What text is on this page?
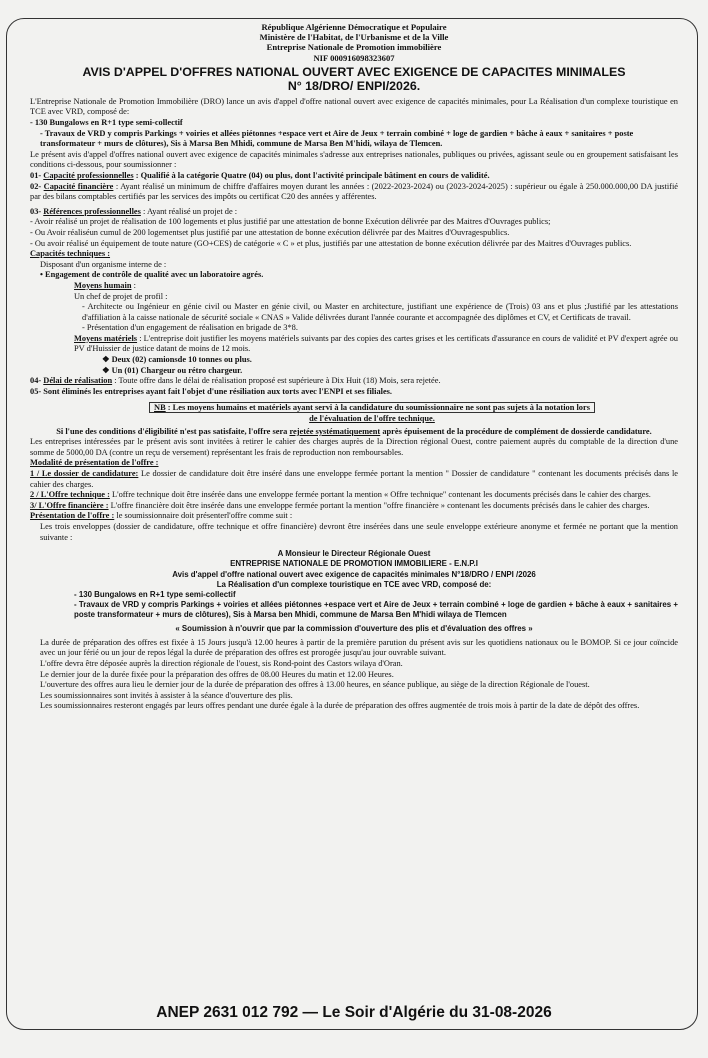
République Algérienne Démocratique et Populaire

Ministère de l'Habitat, de l'Urbanisme et de la Ville

Entreprise Nationale de Promotion immobilière

NIF 000916098323607

AVIS D'APPEL D'OFFRES NATIONAL OUVERT AVEC EXIGENCE DE CAPACITES MINIMALES

N° 18/DRO/ ENPI/2026.

L'Entreprise Nationale de Promotion Immobilière (DRO) lance un avis d'appel d'offre national ouvert avec exigence de capacités minimales, pour La Réalisation d'un complexe touristique en TCE avec VRD, composé de:

- 130 Bungalows en R+1 type semi-collectif

- Travaux de VRD y compris Parkings + voiries et allées piétonnes +espace vert et Aire de Jeux + terrain combiné + loge de gardien + bâche à eaux + sanitaires + poste transformateur + murs de clôtures), Sis à Marsa Ben Mhidi, commune de Marsa Ben M'hidi, wilaya de Tlemcen.

Le présent avis d'appel d'offres national ouvert avec exigence de capacités minimales s'adresse aux entreprises nationales, publiques ou privées, agissant seule ou en groupement satisfaisant les conditions ci-dessous, pour soumissionner :

01- Capacité professionnelles : Qualifié à la catégorie Quatre (04) ou plus, dont l'activité principale bâtiment en cours de validité.

02- Capacité financière : Ayant réalisé un minimum de chiffre d'affaires moyen durant les années : (2022-2023-2024) ou (2023-2024-2025) : supérieur ou égale à 250.000.000,00 DA justifié par des bilans comptables certifiés par les services des impôts ou certificat C20 des années y afférentes.

03- Références professionnelles : Ayant réalisé un projet de :

- Avoir réalisé un projet de réalisation de 100 logements et plus justifié par une attestation de bonne Exécution délivrée par des Maitres d'Ouvrages publics;

- Ou Avoir réaliséun cumul de 200 logementset plus justifié par une attestation de bonne exécution délivrée par des Maitres d'Ouvragespublics.

- Ou avoir réalisé un équipement de toute nature (GO+CES) de catégorie « C » et plus, justifiés par une attestation de bonne exécution délivrée par des Maitres d'Ouvrages publics.

Capacités techniques :

Disposant d'un organisme interne de :

• Engagement de contrôle de qualité avec un laboratoire agrés.

Moyens humain :

Un chef de projet de profil :

- Architecte ou Ingénieur en génie civil ou Master en génie civil, ou Master en architecture, justifiant une expérience de (Trois) 03 ans et plus ;Justifié par les attestations d'affiliation à la caisse nationale de sécurité sociale « CNAS » Valide délivrées durant l'année courante et accompagnée des diplômes et CV, et Certificats de travail.

- Présentation d'un engagement de réalisation en brigade de 3*8.

Moyens matériels : L'entreprise doit justifier les moyens matériels suivants par des copies des cartes grises et les certificats d'assurance en cours de validité et PV d'expert agrée ou PV d'Huissier de justice datant de moins de 12 mois.

❖ Deux (02) camionsde 10 tonnes ou plus.

❖ Un (01) Chargeur ou rétro chargeur.

04- Délai de réalisation : Toute offre dans le délai de réalisation proposé est supérieure à Dix Huit (18) Mois, sera rejetée.

05- Sont éliminés les entreprises ayant fait l'objet d'une résiliation aux torts avec l'ENPI et ses filiales.

NB : Les moyens humains et matériels ayant servi à la candidature du soumissionnaire ne sont pas sujets à la notation lors

de l'évaluation de l'offre technique.

Si l'une des conditions d'éligibilité n'est pas satisfaite, l'offre sera rejetée systématiquement après épuisement de la procédure de complément de dossierde candidature.

Les entreprises intéressées par le présent avis sont invitées à retirer le cahier des charges auprès de la Direction régional Ouest, contre paiement auprès du comptable de la direction d'une somme de 5000,00 DA (contre un reçu de versement) représentant les frais de reproduction non remboursables.

Modalité de présentation de l'offre :

1 / Le dossier de candidature: Le dossier de candidature doit être inséré dans une enveloppe fermée portant la mention " Dossier de candidature " contenant les documents précisés dans le cahier des charges.

2 / L'Offre technique : L'offre technique doit être insérée dans une enveloppe fermée portant la mention « Offre technique" contenant les documents précisés dans le cahier des charges.

3/ L'Offre financière : L'offre financière doit être insérée dans une enveloppe fermée portant la mention "offre financière » contenant les documents précisés dans le cahier des charges.

Présentation de l'offre : le soumissionnaire doit présenterl'offre comme suit :

Les trois enveloppes (dossier de candidature, offre technique et offre financière) devront être insérées dans une seule enveloppe extérieure anonyme et fermée ne portant que la mention suivante :

A Monsieur le Directeur Régionale Ouest

ENTREPRISE NATIONALE DE PROMOTION IMMOBILIERE - E.N.P.I

Avis d'appel d'offre national ouvert avec exigence de capacités minimales N°18/DRO / ENPI /2026

La Réalisation d'un complexe touristique en TCE avec VRD, composé de:

- 130 Bungalows en R+1 type semi-collectif

- Travaux de VRD y compris Parkings + voiries et allées piétonnes +espace vert et Aire de Jeux + terrain combiné + loge de gardien + bâche à eaux + sanitaires + poste transformateur + murs de clôtures), Sis à Marsa ben Mhidi, commune de Marsa Ben M'hidi wilaya de Tlemcen

« Soumission à n'ouvrir que par la commission d'ouverture des plis et d'évaluation des offres »

La durée de préparation des offres est fixée à 15 Jours jusqu'à 12.00 heures à partir de la première parution du présent avis sur les quotidiens nationaux ou le BOMOP. Si ce jour coïncide avec un jour férié ou un jour de repos légal la durée de préparation des offres est prorogée jusqu'au jour ouvrable suivant.

L'offre devra être déposée auprès la direction régionale de l'ouest, sis Rond-point des Castors wilaya d'Oran.

Le dernier jour de la durée fixée pour la préparation des offres de 08.00 Heures du matin et 12.00 Heures.

L'ouverture des offres aura lieu le dernier jour de la durée de préparation des offres à 13.00 heures, en séance publique, au siège de la direction Régionale de l'ouest.

Les soumissionnaires sont invités à assister à la séance d'ouverture des plis.

Les soumissionnaires resteront engagés par leurs offres pendant une durée égale à la durée de préparation des offres augmentée de trois mois à partir de la date de dépôt des offres.

ANEP 2631 012 792 — Le Soir d'Algérie du 31-08-2026
